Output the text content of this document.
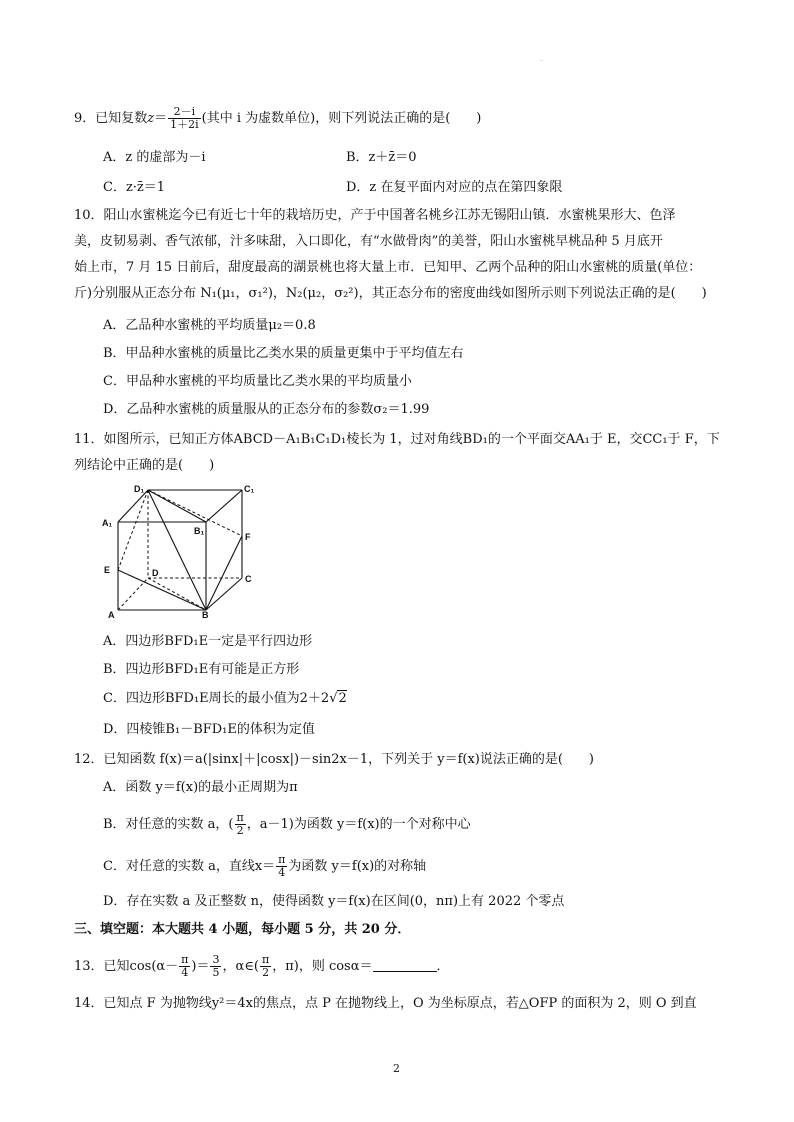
.
9．已知复数$z= \frac{2-i}{1+2i}$ (其中 i 为虚数单位)，则下列说法正确的是(　　)
A．z 的虚部为－i	B．z＋z̄＝0
C．z·z̄＝1	D．z 在复平面内对应的点在第四象限
10．阳山水蜜桃迄今已有近七十年的栽培历史，产于中国著名桃乡江苏无锡阳山镇．水蜜桃果形大、色泽
美，皮韧易剥、香气浓郁，汁多味甜，入口即化，有“水做骨肉”的美誉，阳山水蜜桃早桃品种 5 月底开
始上市，7 月 15 日前后，甜度最高的湖景桃也将大量上市．已知甲、乙两个品种的阳山水蜜桃的质量(单位：
斤)分别服从正态分布 N₁(μ₁，σ₁²)，N₂(μ₂，σ₂²)，其正态分布的密度曲线如图所示则下列说法正确的是(　　)
A．乙品种水蜜桃的平均质量μ₂＝0.8
B．甲品种水蜜桃的质量比乙类水果的质量更集中于平均值左右
C．甲品种水蜜桃的平均质量比乙类水果的平均质量小
D．乙品种水蜜桃的质量服从的正态分布的参数σ₂＝1.99
11．如图所示，已知正方体ABCD－A₁B₁C₁D₁棱长为 1，过对角线BD₁的一个平面交AA₁于 E，交CC₁于 F，下
列结论中正确的是(　　)
D₁	C₁
A₁
B₁
F
E	D
C
A	B
A．四边形BFD₁E一定是平行四边形
B．四边形BFD₁E有可能是正方形
C．四边形BFD₁E周长的最小值为2＋2√2
D．四棱锥B₁－BFD₁E的体积为定值
12．已知函数 f(x)＝a(|sinx|＋|cosx|)－sin2x－1，下列关于 y＝f(x)说法正确的是(　　)
A．函数 y＝f(x)的最小正周期为π
B．对任意的实数 a，( $\frac{\pi}{2}$ ，a－1)为函数 y＝f(x)的一个对称中心
C．对任意的实数 a，直线$x= \frac{\pi}{4}$ 为函数 y＝f(x)的对称轴
D．存在实数 a 及正整数 n，使得函数 y＝f(x)在区间(0，nπ)上有 2022 个零点
三、填空题：本大题共 4 小题，每小题 5 分，共 20 分．
13．已知$\cos(\alpha- \frac{\pi}{4}$ )＝ $\frac{3}{5}$ ，α∈( $\frac{\pi}{2}$ ，π)，则 cosα＝	．
14．已知点 F 为抛物线y²＝4x的焦点，点 P 在抛物线上，O 为坐标原点，若△OFP 的面积为 2，则 O 到直
2
